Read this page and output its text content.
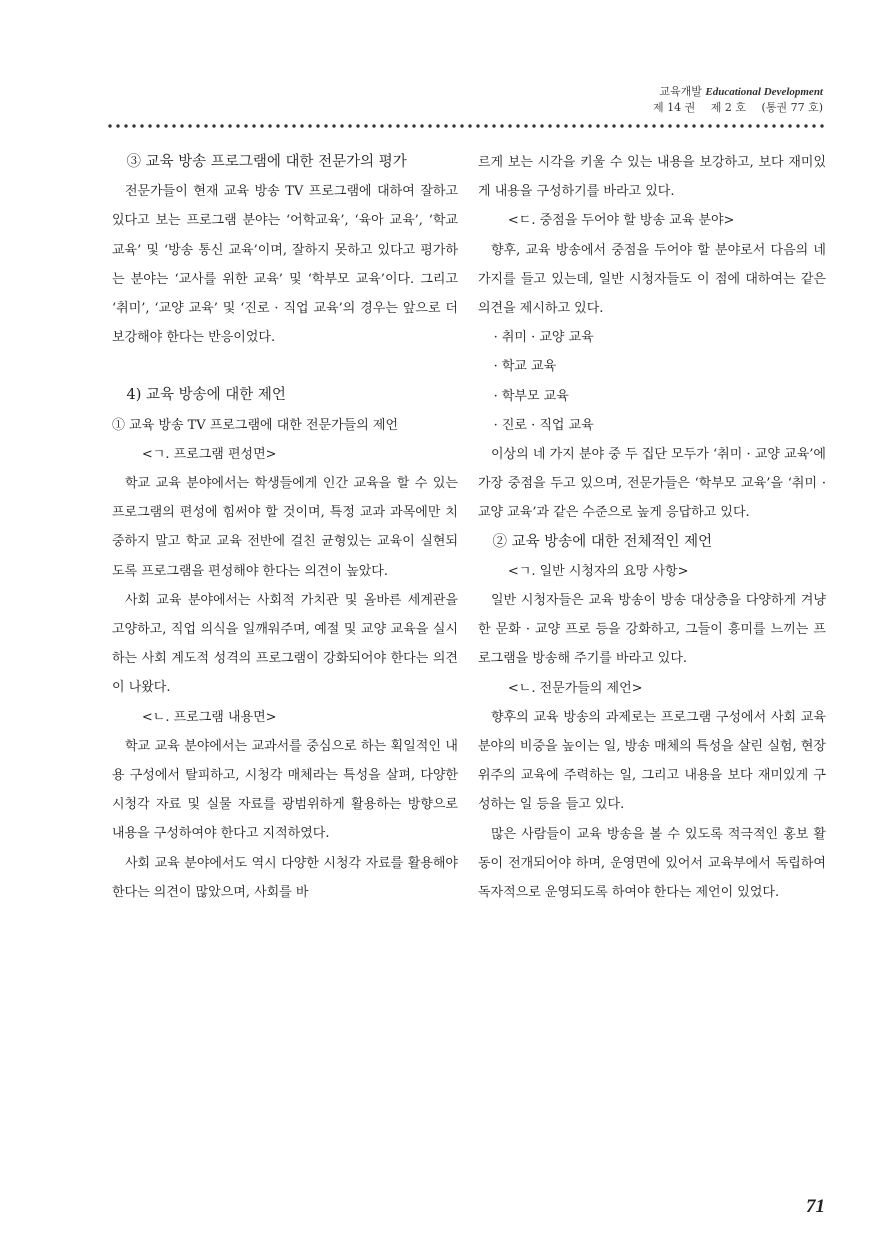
교육개발 Educational Development
제 14 권 제 2 호 (통권 77 호)

③ 교육 방송 프로그램에 대한 전문가의 평가

전문가들이 현재 교육 방송 TV 프로그램에 대하여 잘하고 있다고 보는 프로그램 분야는 ‘어학교육’, ‘육아 교육’, ‘학교 교육’ 및 ‘방송 통신 교육’이며, 잘하지 못하고 있다고 평가하는 분야는 ‘교사를 위한 교육’ 및 ‘학부모 교육’이다. 그리고 ‘취미’, ‘교양 교육’ 및 ‘진로 · 직업 교육’의 경우는 앞으로 더 보강해야 한다는 반응이었다.

4) 교육 방송에 대한 제언

① 교육 방송 TV 프로그램에 대한 전문가들의 제언

<ㄱ. 프로그램 편성면>

학교 교육 분야에서는 학생들에게 인간 교육을 할 수 있는 프로그램의 편성에 힘써야 할 것이며, 특정 교과 과목에만 치중하지 말고 학교 교육 전반에 걸친 균형있는 교육이 실현되도록 프로그램을 편성해야 한다는 의견이 높았다.

사회 교육 분야에서는 사회적 가치관 및 올바른 세계관을 고양하고, 직업 의식을 일깨워주며, 예절 및 교양 교육을 실시하는 사회 계도적 성격의 프로그램이 강화되어야 한다는 의견이 나왔다.

<ㄴ. 프로그램 내용면>

학교 교육 분야에서는 교과서를 중심으로 하는 획일적인 내용 구성에서 탈피하고, 시청각 매체라는 특성을 살펴, 다양한 시청각 자료 및 실물 자료를 광범위하게 활용하는 방향으로 내용을 구성하여야 한다고 지적하였다.

사회 교육 분야에서도 역시 다양한 시청각 자료를 활용해야 한다는 의견이 많았으며, 사회를 바

르게 보는 시각을 키울 수 있는 내용을 보강하고, 보다 재미있게 내용을 구성하기를 바라고 있다.

<ㄷ. 중점을 두어야 할 방송 교육 분야>

향후, 교육 방송에서 중점을 두어야 할 분야로서 다음의 네 가지를 들고 있는데, 일반 시청자들도 이 점에 대하여는 같은 의견을 제시하고 있다.

· 취미 · 교양 교육

· 학교 교육

· 학부모 교육

· 진로 · 직업 교육

이상의 네 가지 분야 중 두 집단 모두가 ‘취미 · 교양 교육’에 가장 중점을 두고 있으며, 전문가들은 ‘학부모 교육’을 ‘취미 · 교양 교육’과 같은 수준으로 높게 응답하고 있다.

② 교육 방송에 대한 전체적인 제언

<ㄱ. 일반 시청자의 요망 사항>

일반 시청자들은 교육 방송이 방송 대상층을 다양하게 겨냥한 문화 · 교양 프로 등을 강화하고, 그들이 흥미를 느끼는 프로그램을 방송해 주기를 바라고 있다.

<ㄴ. 전문가들의 제언>

향후의 교육 방송의 과제로는 프로그램 구성에서 사회 교육 분야의 비중을 높이는 일, 방송 매체의 특성을 살린 실험, 현장 위주의 교육에 주력하는 일, 그리고 내용을 보다 재미있게 구성하는 일 등을 들고 있다.

많은 사람들이 교육 방송을 볼 수 있도록 적극적인 홍보 활동이 전개되어야 하며, 운영면에 있어서 교육부에서 독립하여 독자적으로 운영되도록 하여야 한다는 제언이 있었다.

71
